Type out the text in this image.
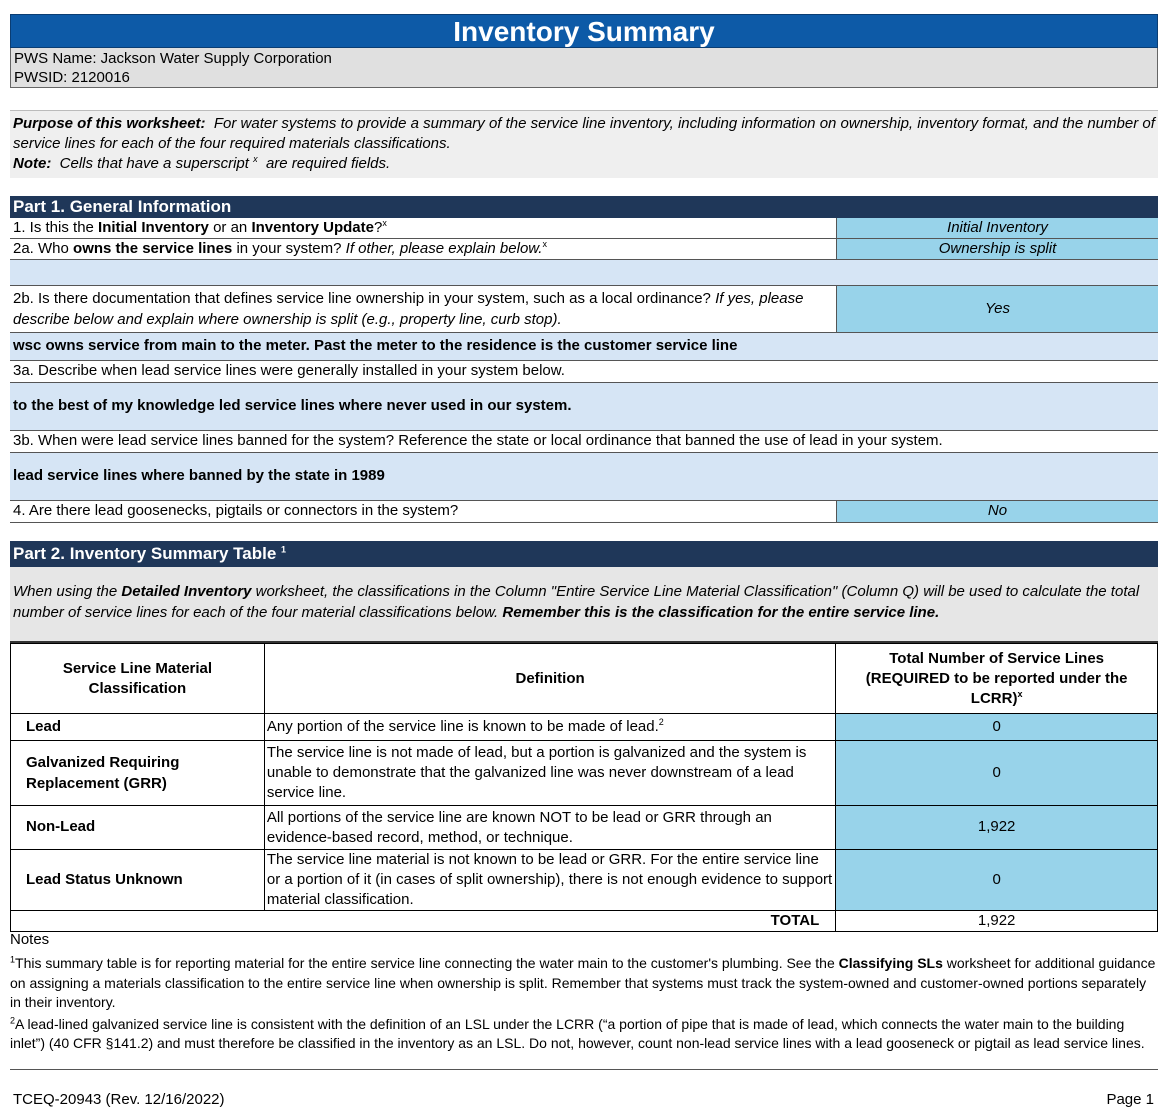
Inventory Summary
PWS Name: Jackson Water Supply Corporation
PWSID: 2120016
Purpose of this worksheet: For water systems to provide a summary of the service line inventory, including information on ownership, inventory format, and the number of service lines for each of the four required materials classifications.
Note: Cells that have a superscript $^x$ are required fields.
Part 1. General Information
1. Is this the Initial Inventory or an Inventory Update?$^x$	Initial Inventory
2a. Who owns the service lines in your system? If other, please explain below.$^x$	Ownership is split
2b. Is there documentation that defines service line ownership in your system, such as a local ordinance? If yes, please describe below and explain where ownership is split (e.g., property line, curb stop).
Yes
wsc owns service from main to the meter. Past the meter to the residence is the customer service line
3a. Describe when lead service lines were generally installed in your system below.
to the best of my knowledge led service lines where never used in our system.
3b. When were lead service lines banned for the system? Reference the state or local ordinance that banned the use of lead in your system.
lead service lines where banned by the state in 1989
4. Are there lead goosenecks, pigtails or connectors in the system?	No
Part 2. Inventory Summary Table $^1$
When using the Detailed Inventory worksheet, the classifications in the Column "Entire Service Line Material Classification" (Column Q) will be used to calculate the total number of service lines for each of the four material classifications below. Remember this is the classification for the entire service line.
Service Line Material Classification	Definition	Total Number of Service Lines (REQUIRED to be reported under the LCRR)$^x$
Lead	Any portion of the service line is known to be made of lead.$^2$	0
Galvanized Requiring Replacement (GRR)	The service line is not made of lead, but a portion is galvanized and the system is unable to demonstrate that the galvanized line was never downstream of a lead service line.	0
Non-Lead	All portions of the service line are known NOT to be lead or GRR through an evidence-based record, method, or technique.	1,922
Lead Status Unknown	The service line material is not known to be lead or GRR. For the entire service line or a portion of it (in cases of split ownership), there is not enough evidence to support material classification.	0
TOTAL		1,922
Notes
$^1$This summary table is for reporting material for the entire service line connecting the water main to the customer's plumbing. See the Classifying SLs worksheet for additional guidance on assigning a materials classification to the entire service line when ownership is split. Remember that systems must track the system-owned and customer-owned portions separately in their inventory.
$^2$A lead-lined galvanized service line is consistent with the definition of an LSL under the LCRR (“a portion of pipe that is made of lead, which connects the water main to the building inlet”) (40 CFR §141.2) and must therefore be classified in the inventory as an LSL. Do not, however, count non-lead service lines with a lead gooseneck or pigtail as lead service lines.
TCEQ-20943 (Rev. 12/16/2022)	Page 1
